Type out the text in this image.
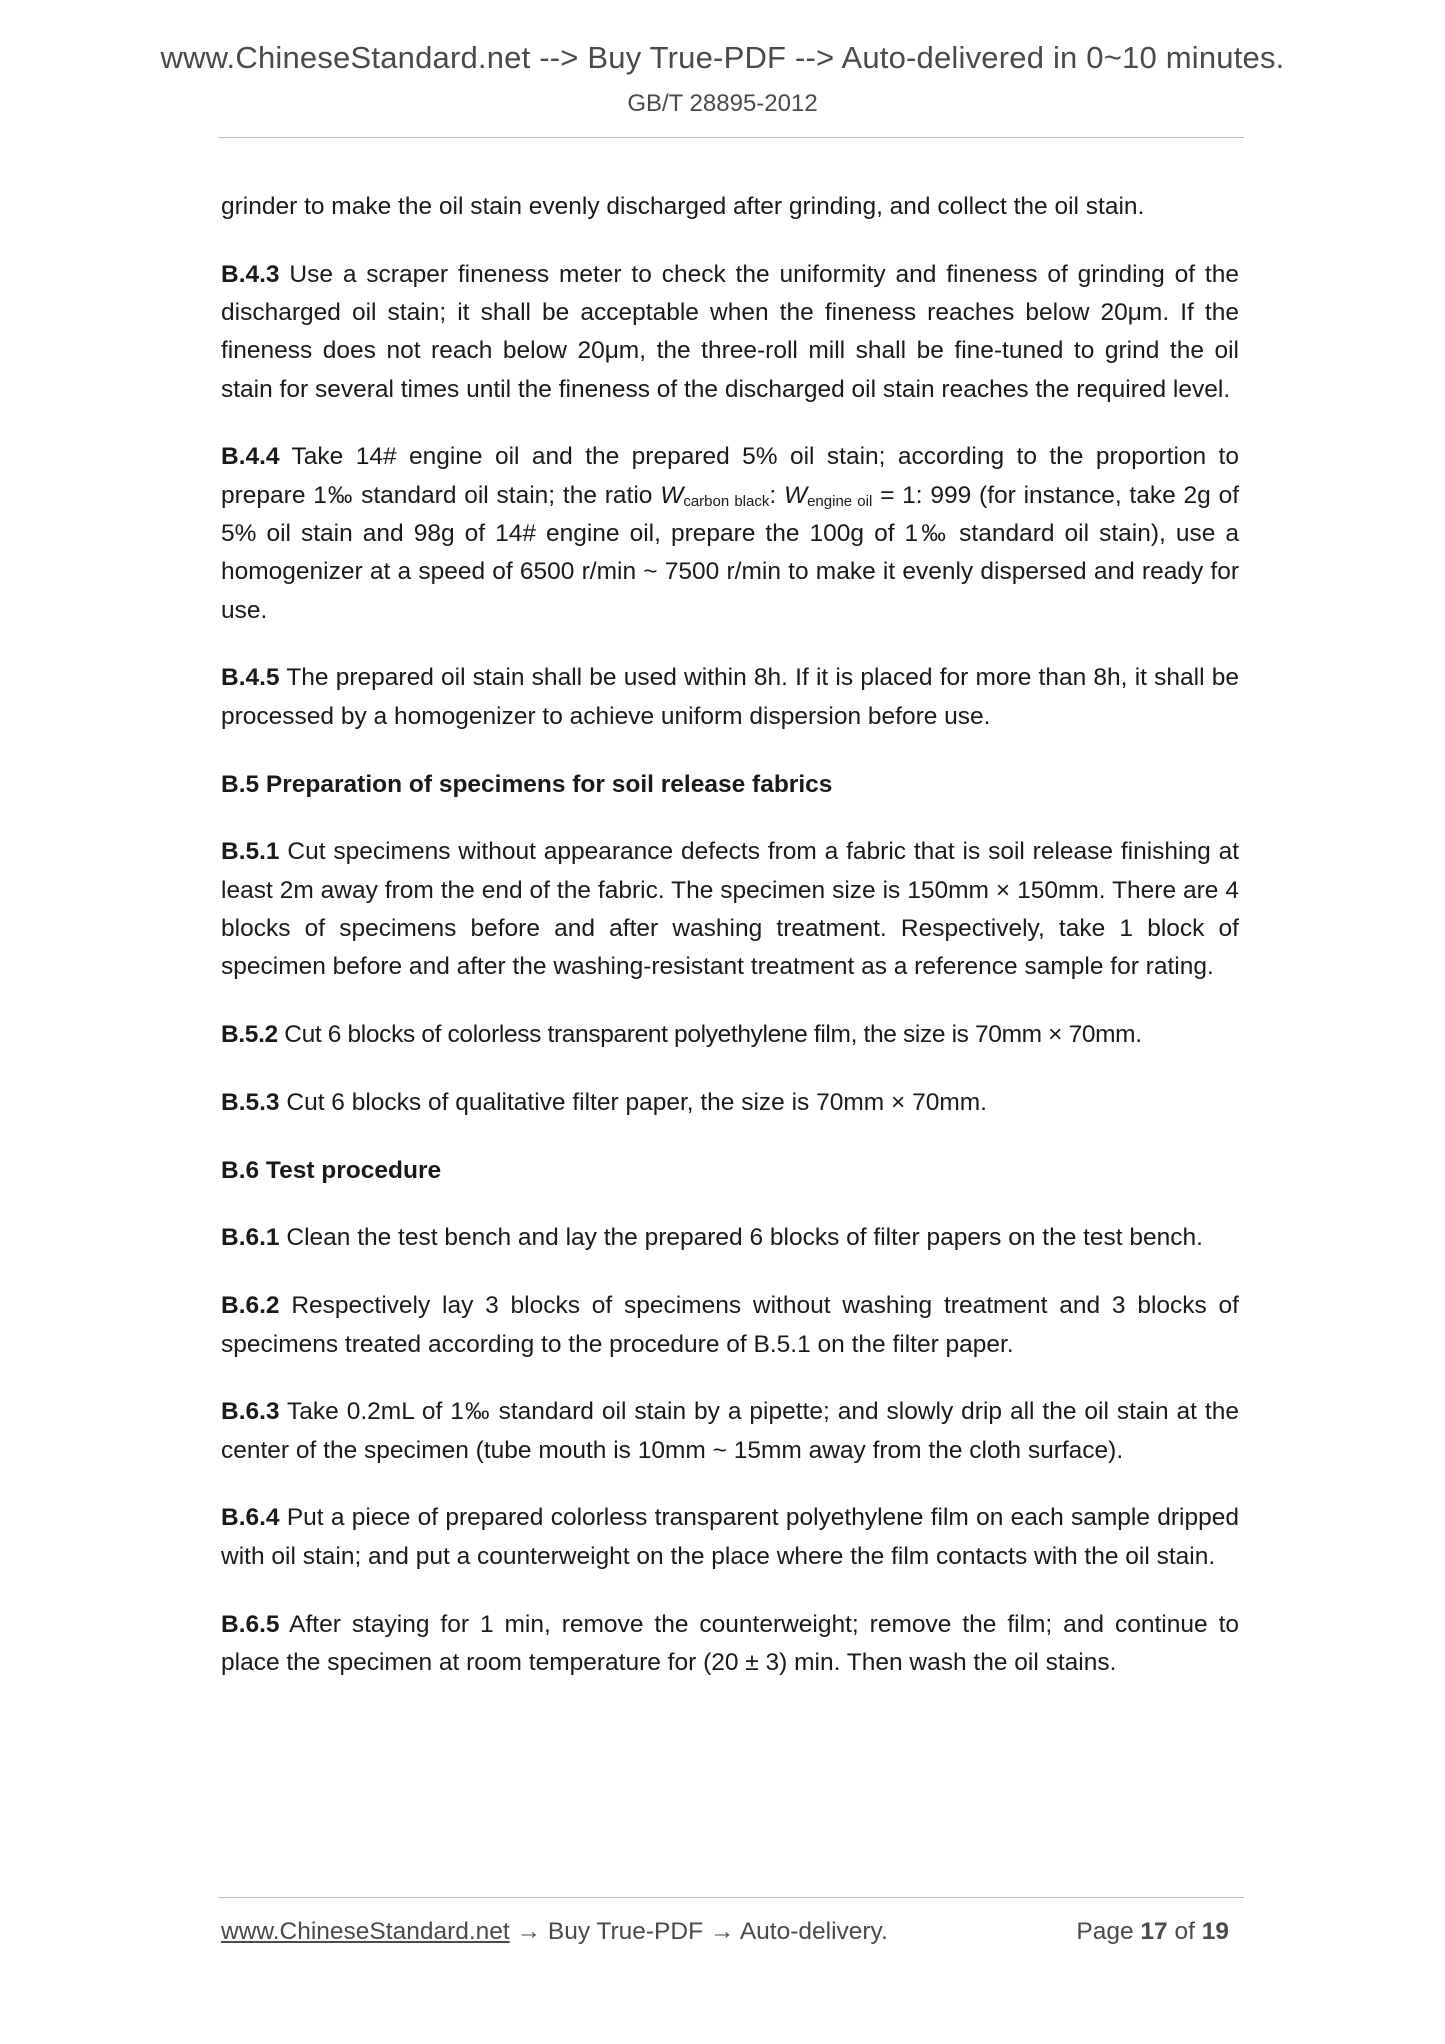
www.ChineseStandard.net --> Buy True-PDF --> Auto-delivered in 0~10 minutes.
GB/T 28895-2012

grinder to make the oil stain evenly discharged after grinding, and collect the oil stain.

B.4.3 Use a scraper fineness meter to check the uniformity and fineness of grinding of the discharged oil stain; it shall be acceptable when the fineness reaches below 20μm. If the fineness does not reach below 20μm, the three-roll mill shall be fine-tuned to grind the oil stain for several times until the fineness of the discharged oil stain reaches the required level.

B.4.4 Take 14# engine oil and the prepared 5% oil stain; according to the proportion to prepare 1‰ standard oil stain; the ratio $W_{carbon black}$: $W_{engine oil} = 1$: 999 (for instance, take 2g of 5% oil stain and 98g of 14# engine oil, prepare the 100g of 1‰ standard oil stain), use a homogenizer at a speed of 6500 r/min ~ 7500 r/min to make it evenly dispersed and ready for use.

B.4.5 The prepared oil stain shall be used within 8h. If it is placed for more than 8h, it shall be processed by a homogenizer to achieve uniform dispersion before use.

B.5 Preparation of specimens for soil release fabrics

B.5.1 Cut specimens without appearance defects from a fabric that is soil release finishing at least 2m away from the end of the fabric. The specimen size is 150mm × 150mm. There are 4 blocks of specimens before and after washing treatment. Respectively, take 1 block of specimen before and after the washing-resistant treatment as a reference sample for rating.

B.5.2 Cut 6 blocks of colorless transparent polyethylene film, the size is 70mm × 70mm.

B.5.3 Cut 6 blocks of qualitative filter paper, the size is 70mm × 70mm.

B.6 Test procedure

B.6.1 Clean the test bench and lay the prepared 6 blocks of filter papers on the test bench.

B.6.2 Respectively lay 3 blocks of specimens without washing treatment and 3 blocks of specimens treated according to the procedure of B.5.1 on the filter paper.

B.6.3 Take 0.2mL of 1‰ standard oil stain by a pipette; and slowly drip all the oil stain at the center of the specimen (tube mouth is 10mm ~ 15mm away from the cloth surface).

B.6.4 Put a piece of prepared colorless transparent polyethylene film on each sample dripped with oil stain; and put a counterweight on the place where the film contacts with the oil stain.

B.6.5 After staying for 1 min, remove the counterweight; remove the film; and continue to place the specimen at room temperature for (20 ± 3) min. Then wash the oil stains.

www.ChineseStandard.net → Buy True-PDF → Auto-delivery.	Page 17 of 19
